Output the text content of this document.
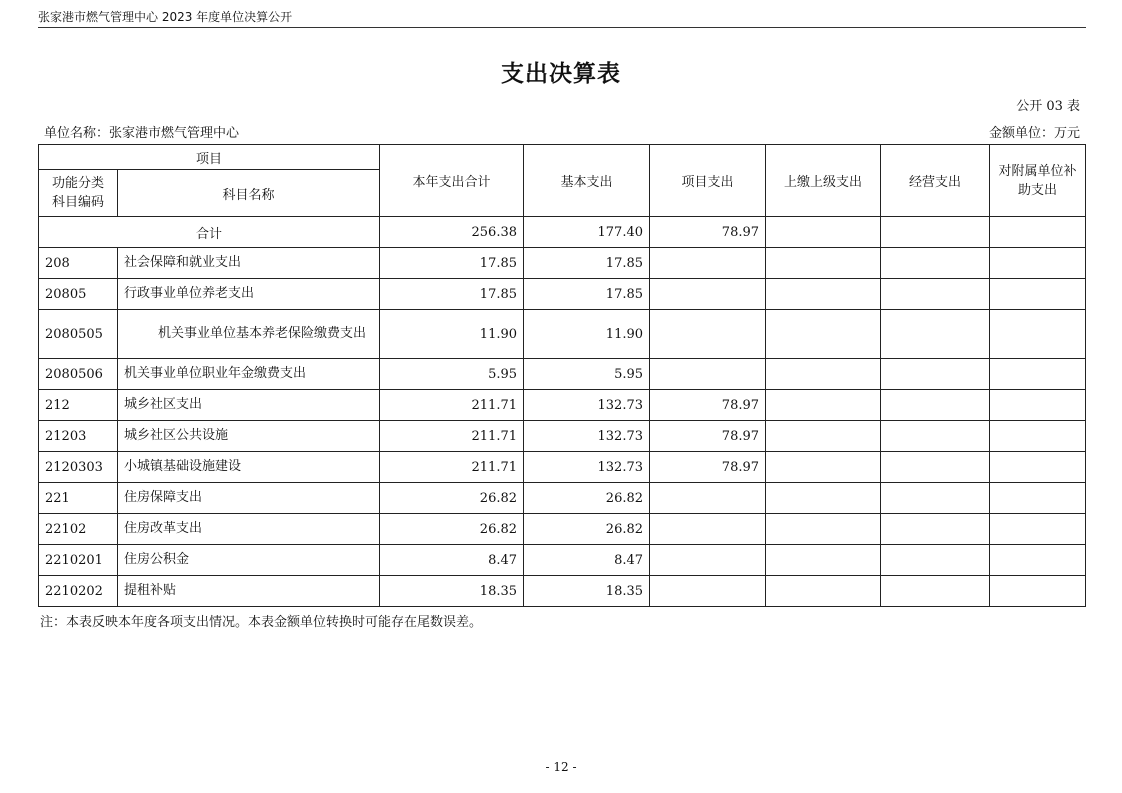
张家港市燃气管理中心 2023 年度单位决算公开
支出决算表
公开 03 表
单位名称：张家港市燃气管理中心	金额单位：万元
项目		本年支出合计	基本支出	项目支出	上缴上级支出	经营支出	对附属单位补助支出
功能分类科目编码	科目名称						
合计		256.38	177.40	78.97			
208	社会保障和就业支出	17.85	17.85				
20805	行政事业单位养老支出	17.85	17.85				
2080505	机关事业单位基本养老保险缴费支出	11.90	11.90				
2080506	机关事业单位职业年金缴费支出	5.95	5.95				
212	城乡社区支出	211.71	132.73	78.97			
21203	城乡社区公共设施	211.71	132.73	78.97			
2120303	小城镇基础设施建设	211.71	132.73	78.97			
221	住房保障支出	26.82	26.82				
22102	住房改革支出	26.82	26.82				
2210201	住房公积金	8.47	8.47				
2210202	提租补贴	18.35	18.35				
注：本表反映本年度各项支出情况。本表金额单位转换时可能存在尾数误差。
- 12 -
